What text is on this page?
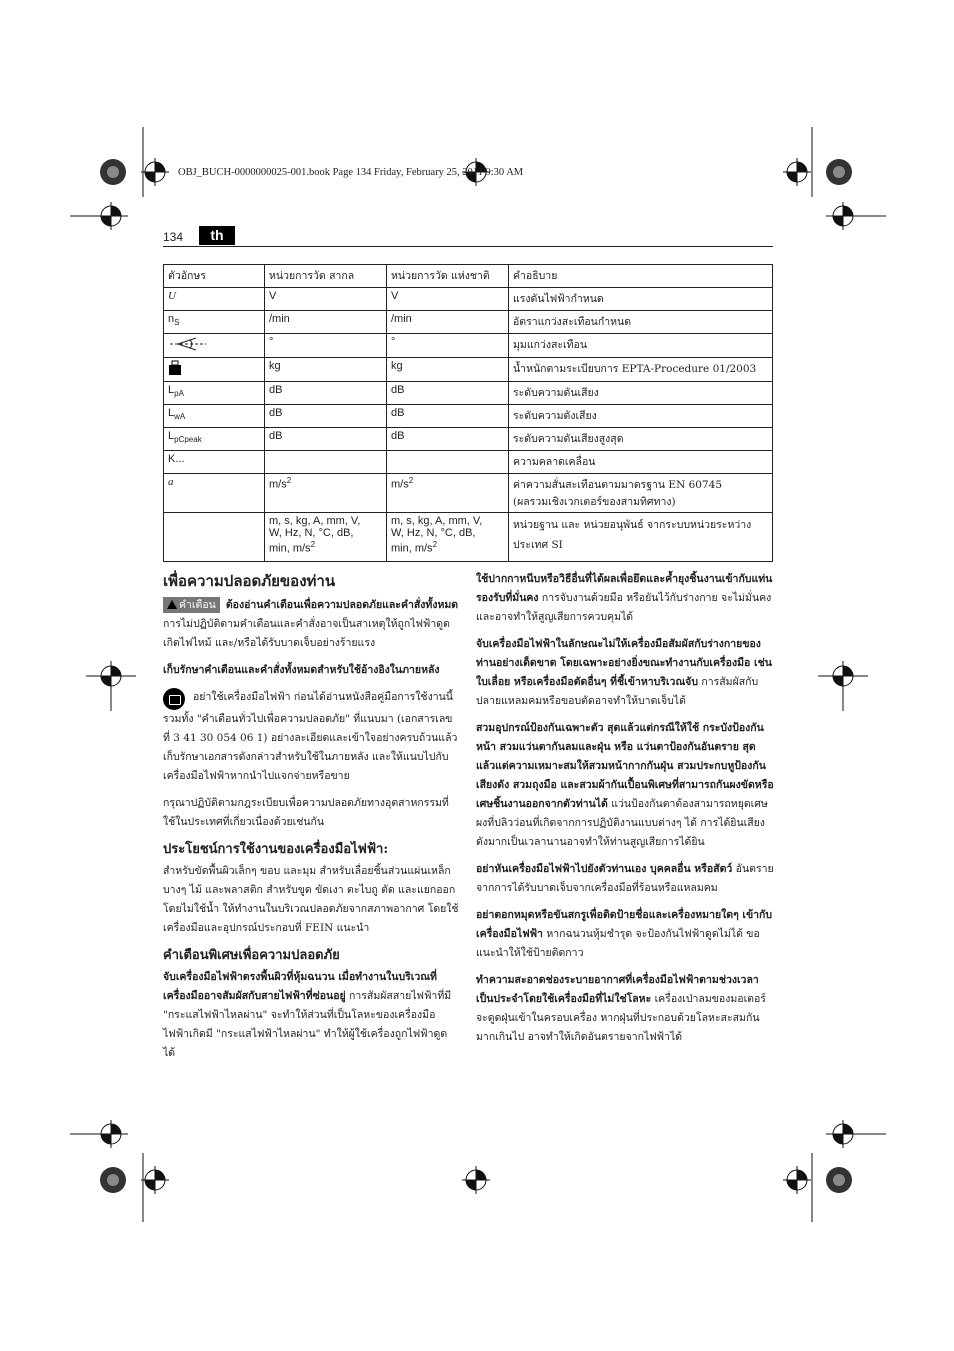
OBJ_BUCH-0000000025-001.book Page 134 Friday, February 25, 2011 9:30 AM
134	th
ตัวอักษร	หน่วยการวัด สากล	หน่วยการวัด แห่งชาติ	คำอธิบาย
U	V	V	แรงดันไฟฟ้ากำหนด
$n_S$	/min	/min	อัตราแกว่งสะเทือนกำหนด
	°	°	มุมแกว่งสะเทือน
	kg	kg	น้ำหนักตามระเบียบการ EPTA-Procedure 01/2003
$L_{pA}$	dB	dB	ระดับความดันเสียง
$L_{wA}$	dB	dB	ระดับความดังเสียง
$L_{pCpeak}$	dB	dB	ระดับความดันเสียงสูงสุด
K...			ความคลาดเคลื่อน
a	$m/s^2$	$m/s^2$	ค่าความสั่นสะเทือนตามมาตรฐาน EN 60745
(ผลรวมเชิงเวกเตอร์ของสามทิศทาง)

	m, s, kg, A, mm, V,
W, Hz, N, °C, dB,
min, $m/s^2$	m, s, kg, A, mm, V,
W, Hz, N, °C, dB,
min, $m/s^2$	หน่วยฐาน และ หน่วยอนุพันธ์ จากระบบหน่วยระหว่างประเทศ SI
เพื่อความปลอดภัยของท่าน
คำเตือน ต้องอ่านคำเตือนเพื่อความปลอดภัยและคำสั่งทั้งหมด การไม่ปฏิบัติตามคำเตือนและคำสั่งอาจเป็นสาเหตุให้ถูกไฟฟ้าดูด เกิดไฟไหม้ และ/หรือได้รับบาดเจ็บอย่างร้ายแรง
เก็บรักษาคำเตือนและคำสั่งทั้งหมดสำหรับใช้อ้างอิงในภายหลัง
อย่าใช้เครื่องมือไฟฟ้า ก่อนได้อ่านหนังสือคู่มือการใช้งานนี้ รวมทั้ง "คำเตือนทั่วไปเพื่อความปลอดภัย" ที่แนบมา (เอกสารเลขที่ 3 41 30 054 06 1) อย่างละเอียดและเข้าใจอย่างครบถ้วนแล้ว เก็บรักษาเอกสารดังกล่าวสำหรับใช้ในภายหลัง และให้แนบไปกับเครื่องมือไฟฟ้าหากนำไปแจกจ่ายหรือขาย
กรุณาปฏิบัติตามกฎระเบียบเพื่อความปลอดภัยทางอุตสาหกรรมที่ใช้ในประเทศที่เกี่ยวเนื่องด้วยเช่นกัน
ประโยชน์การใช้งานของเครื่องมือไฟฟ้า:
สำหรับขัดพื้นผิวเล็กๆ ขอบ และมุม สำหรับเลื่อยชิ้นส่วนแผ่นเหล็กบางๆ ไม้ และพลาสติก สำหรับขูด ขัดเงา ตะไบถู ตัด และแยกออก โดยไม่ใช้น้ำ ให้ทำงานในบริเวณปลอดภัยจากสภาพอากาศ โดยใช้เครื่องมือและอุปกรณ์ประกอบที่ FEIN แนะนำ
คำเตือนพิเศษเพื่อความปลอดภัย
จับเครื่องมือไฟฟ้าตรงพื้นผิวที่หุ้มฉนวน เมื่อทำงานในบริเวณที่เครื่องมืออาจสัมผัสกับสายไฟฟ้าที่ซ่อนอยู่ การสัมผัสสายไฟฟ้าที่มี "กระแสไฟฟ้าไหลผ่าน" จะทำให้ส่วนที่เป็นโลหะของเครื่องมือไฟฟ้าเกิดมี "กระแสไฟฟ้าไหลผ่าน" ทำให้ผู้ใช้เครื่องถูกไฟฟ้าดูดได้
ใช้ปากกาหนีบหรือวิธีอื่นที่ได้ผลเพื่อยึดและค้ำยุงชิ้นงานเข้ากับแท่นรองรับที่มั่นคง การจับงานด้วยมือ หรือยันไว้กับร่างกาย จะไม่มั่นคง และอาจทำให้สูญเสียการควบคุมได้
จับเครื่องมือไฟฟ้าในลักษณะไม่ให้เครื่องมือสัมผัสกับร่างกายของท่านอย่างเด็ดขาด โดยเฉพาะอย่างยิ่งขณะทำงานกับเครื่องมือ เช่น ใบเลื่อย หรือเครื่องมือตัดอื่นๆ ที่ชี้เข้าหาบริเวณจับ การสัมผัสกับปลายแหลมคมหรือขอบตัดอาจทำให้บาดเจ็บได้
สวมอุปกรณ์ป้องกันเฉพาะตัว สุดแล้วแต่กรณีให้ใช้ กระบังป้องกันหน้า สวมแว่นตากันลมและฝุ่น หรือ แว่นตาป้องกันอันตราย สุดแล้วแต่ความเหมาะสมให้สวมหน้ากากกันฝุ่น สวมประกบหูป้องกันเสียงดัง สวมถุงมือ และสวมผ้ากันเปื้อนพิเศษที่สามารถกันผงขัดหรือเศษชิ้นงานออกจากตัวท่านได้ แว่นป้องกันตาต้องสามารถหยุดเศษผงที่ปลิวว่อนที่เกิดจากการปฏิบัติงานแบบต่างๆ ได้ การได้ยินเสียงดังมากเป็นเวลานานอาจทำให้ท่านสูญเสียการได้ยิน
อย่าหันเครื่องมือไฟฟ้าไปยังตัวท่านเอง บุคคลอื่น หรือสัตว์ อันตรายจากการได้รับบาดเจ็บจากเครื่องมือที่ร้อนหรือแหลมคม
อย่าตอกหมุดหรือขันสกรูเพื่อติดป้ายชื่อและเครื่องหมายใดๆ เข้ากับเครื่องมือไฟฟ้า หากฉนวนหุ้มชำรุด จะป้องกันไฟฟ้าดูดไม่ได้ ขอแนะนำให้ใช้ป้ายติดกาว
ทำความสะอาดช่องระบายอากาศที่เครื่องมือไฟฟ้าตามช่วงเวลาเป็นประจำโดยใช้เครื่องมือที่ไม่ใช่โลหะ เครื่องเป่าลมของมอเตอร์จะดูดฝุ่นเข้าในครอบเครื่อง หากฝุ่นที่ประกอบด้วยโลหะสะสมกันมากเกินไป อาจทำให้เกิดอันตรายจากไฟฟ้าได้
